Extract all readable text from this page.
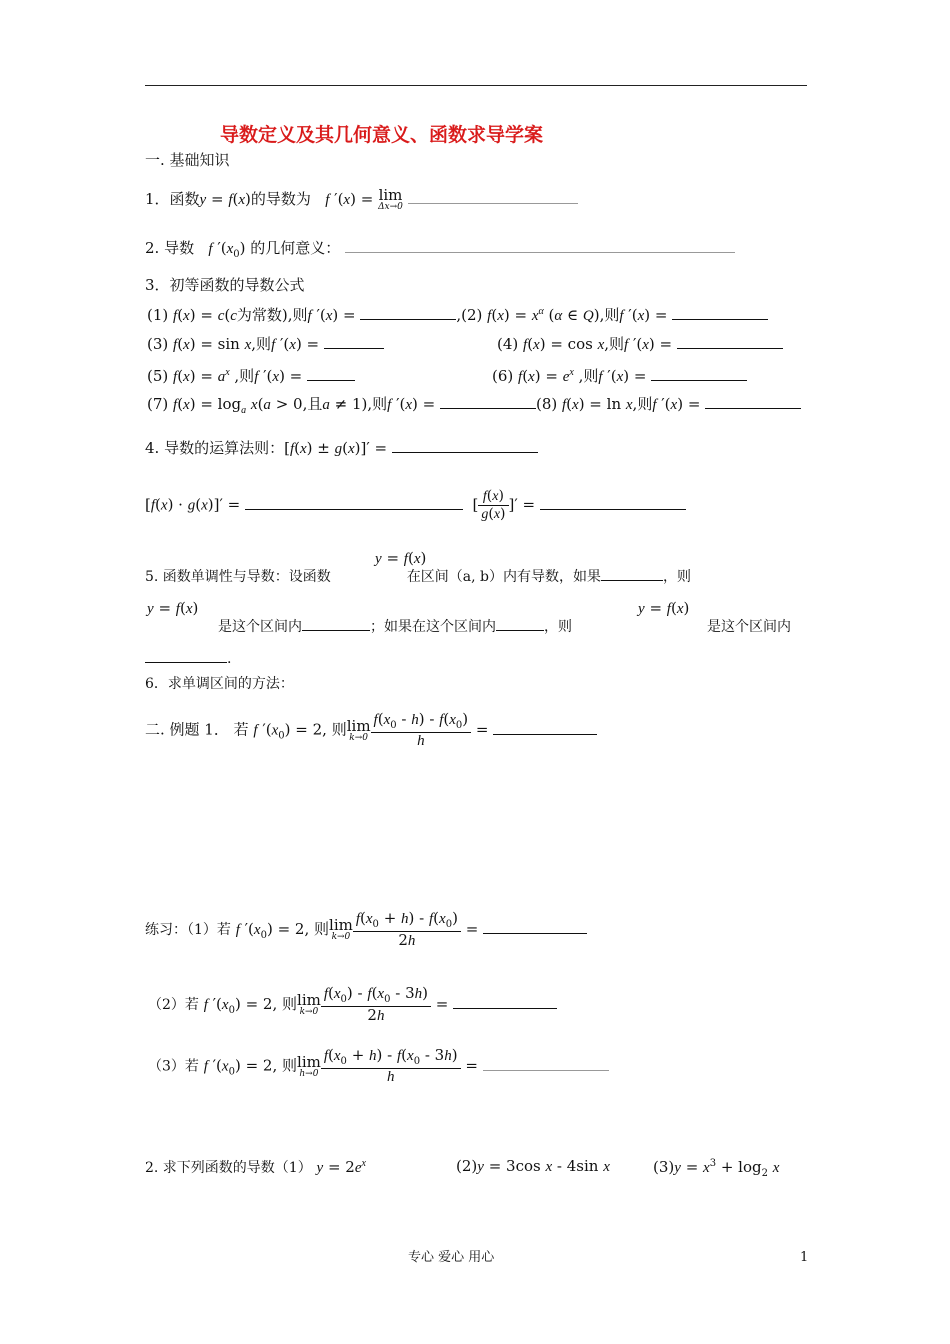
导数定义及其几何意义、函数求导学案
一. 基础知识
1．函数y = f(x)的导数为 f ′(x) = lim
Δx→0

2. 导数 f $'(x_0)$ 的几何意义：
3．初等函数的导数公式
(1) f(x) = c(c为常数),则f ′(x) =	,(2) $f(x) = x^\alpha$ (α ∈ Q),则f ′(x) =
(3) f(x) = sin x,则f ′(x) =	(4) f(x) = cos x,则f ′(x) =
(5) $f(x) = a^x$ ,则f ′(x) =	(6) $f(x) = e^x$ ,则f ′(x) =
(7) $f(x) = \log_a x(a > 0$,且a ≠ 1),则f ′(x) =	(8) f(x) = ln x,则f ′(x) =
4. 导数的运算法则：[f(x) ± g(x)]′ =
[f(x) · g(x)]′ =	[ $\frac{f(x)}{g(x)}$ ]′ =
y = f(x)
5. 函数单调性与导数：设函数	在区间（a, b）内有导数，如果	，则
y = f(x)	y = f(x)
是这个区间内	；如果在这个区间内	，则	是这个区间内
.
6．求单调区间的方法：
二. 例题 1． 若 f $'(x_0) = 2$, 则lim
$k\to 0 \frac{f(x_0 - h) - f(x_0)}{h}$ =
练习：（1）若 f $'(x_0) = 2$, 则lim
$k\to 0 \frac{f(x_0 + h) - f(x_0)}{2h}$ =
（2）若 f $'(x_0) = 2$, 则lim
$k\to 0 \frac{f(x_0) - f(x_0 - 3h)}{2h}$ =
（3）若 f $'(x_0) = 2$, 则lim
$h\to 0 \frac{f(x_0 + h) - f(x_0 - 3h)}{h}$ =
2. 求下列函数的导数（1） $y = 2e^x$	(2)y = 3cos x - 4sin x	$(3)y = x^3 + \log_2 x$
专心 爱心 用心	1
